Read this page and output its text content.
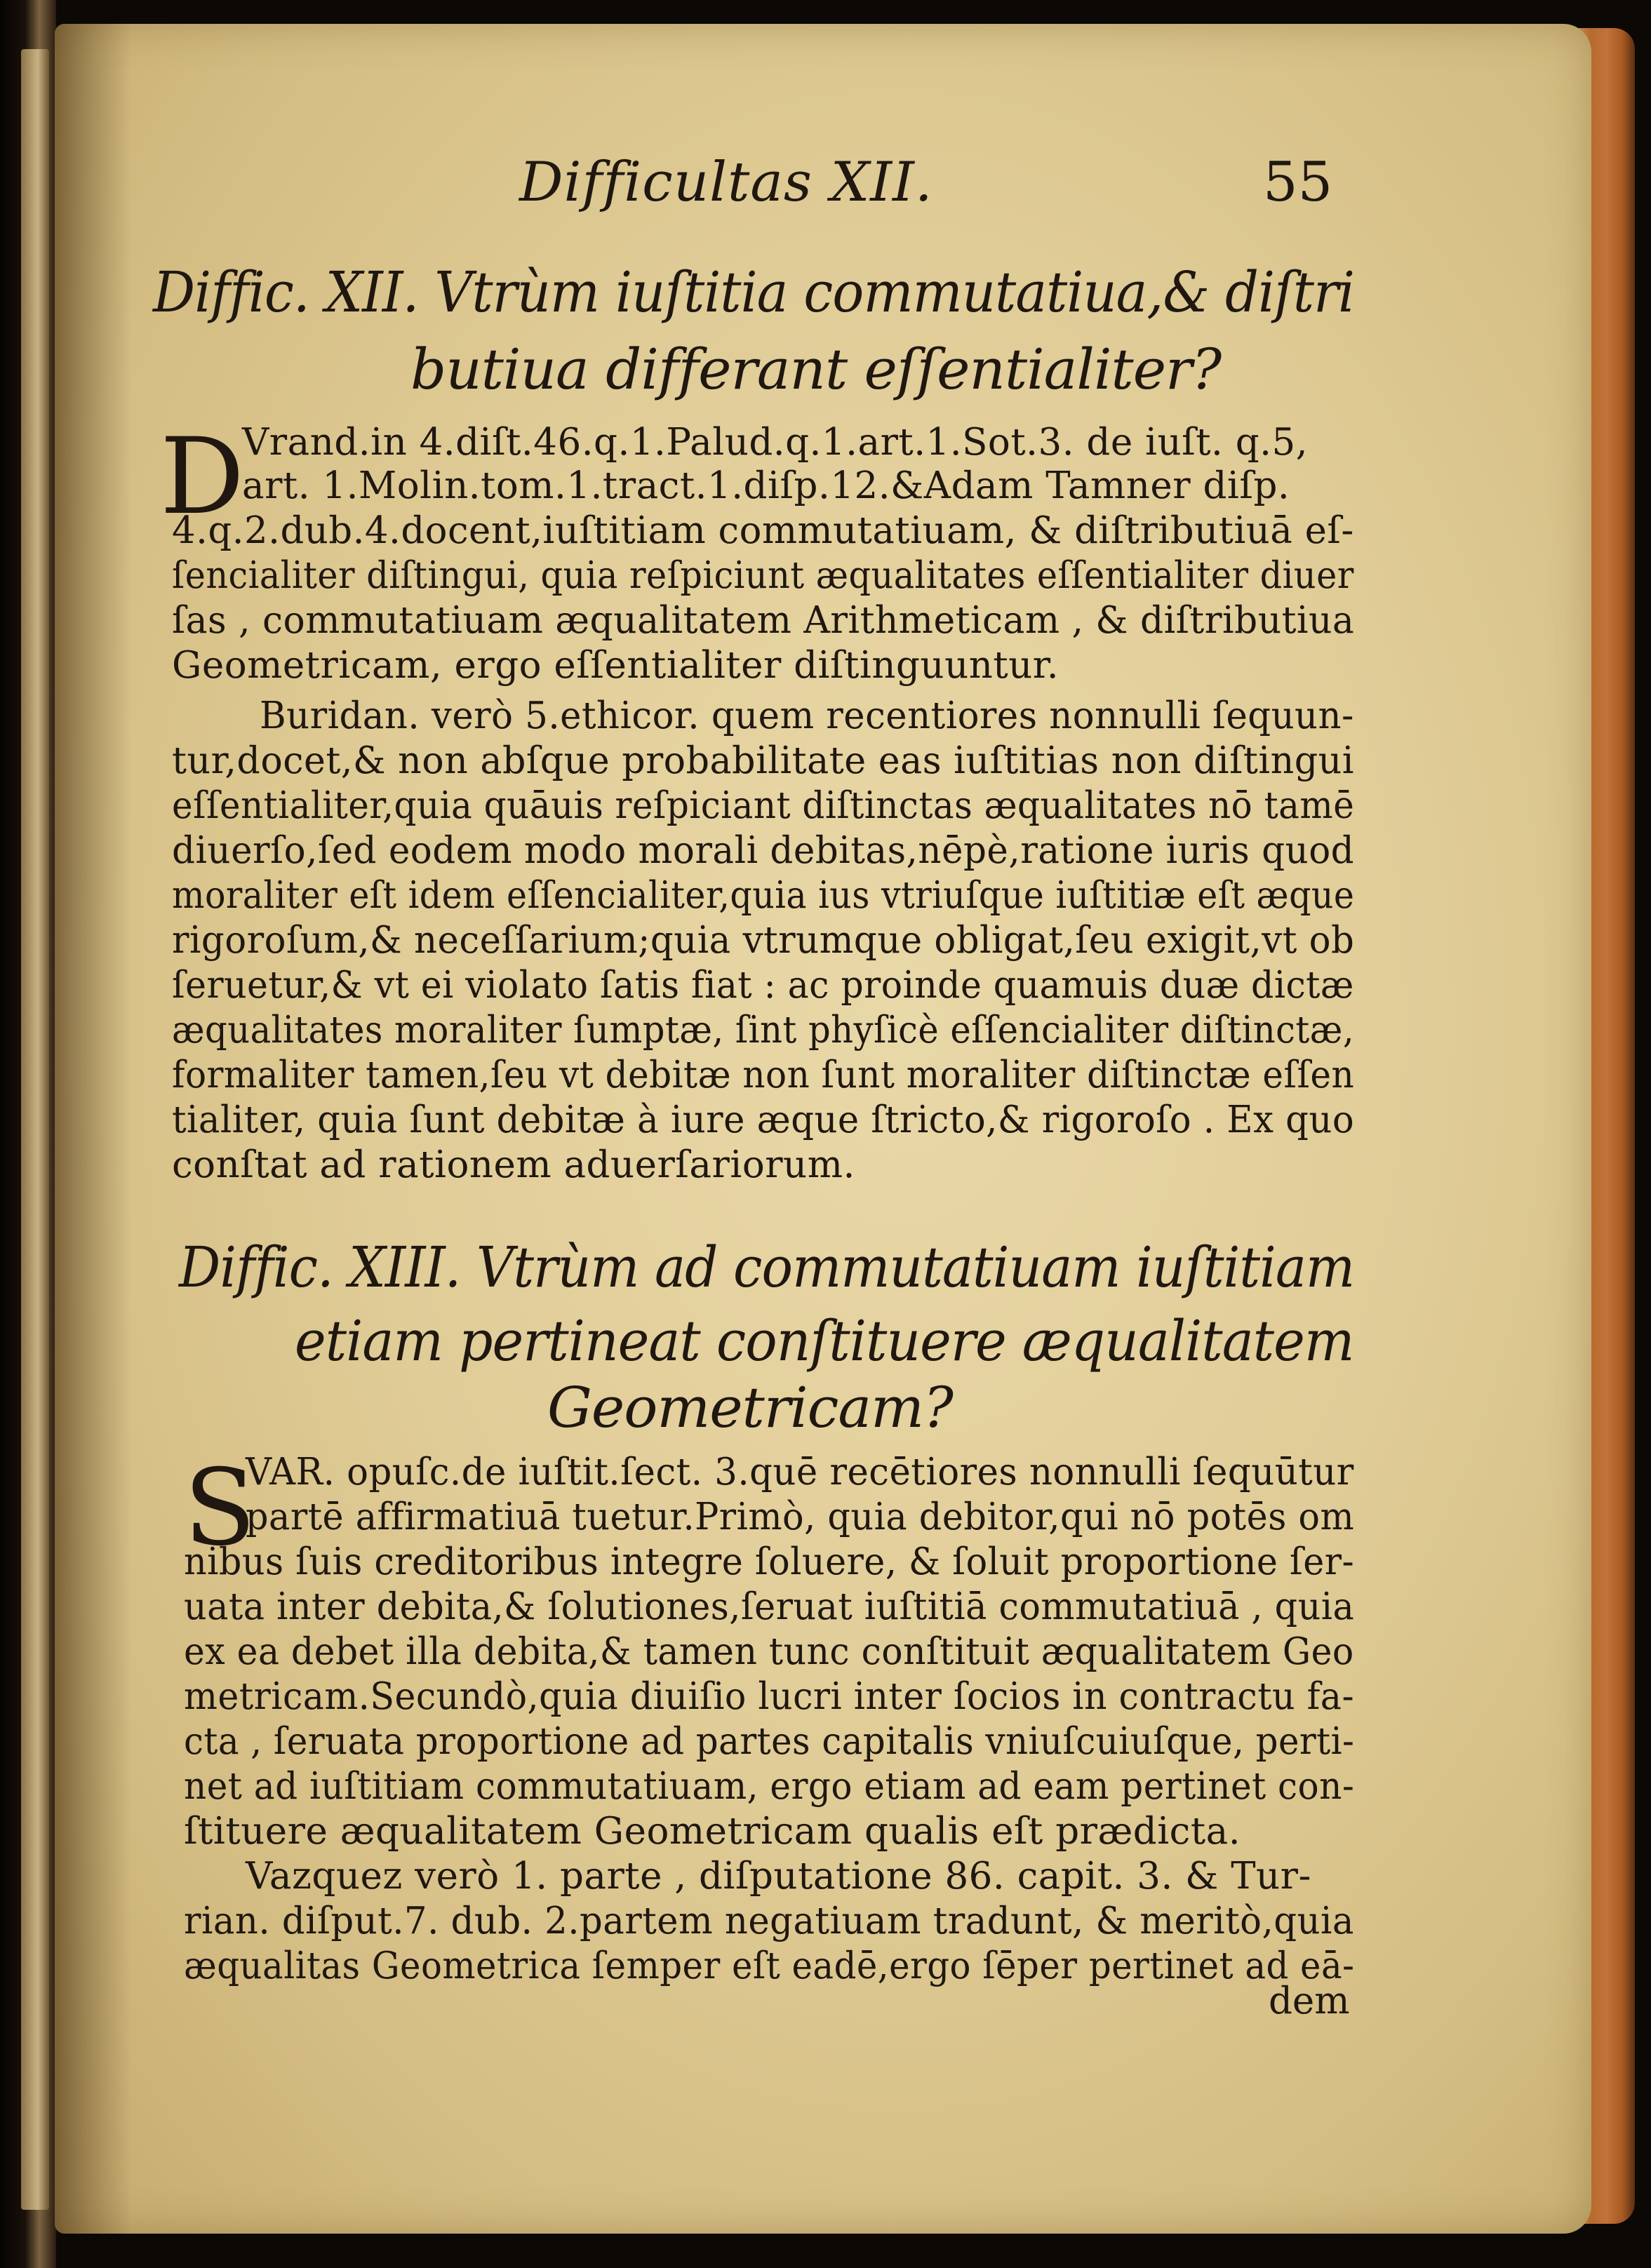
Difficultas XII.	55
Diffic. XII. Vtrùm iuſtitia commutatiua,& diſtri
butiua differant eſſentialiter?
D
Vrand.in 4.diſt.46.q.1.Palud.q.1.art.1.Sot.3. de iuſt. q.5,
art. 1.Molin.tom.1.tract.1.diſp.12.&Adam Tamner diſp.
4.q.2.dub.4.docent,iuſtitiam commutatiuam, & diſtributiuā eſ-
ſencialiter diſtingui, quia reſpiciunt æqualitates eſſentialiter diuer
ſas , commutatiuam æqualitatem Arithmeticam , & diſtributiua
Geometricam, ergo eſſentialiter diſtinguuntur.
Buridan. verò 5.ethicor. quem recentiores nonnulli ſequun-
tur,docet,& non abſque probabilitate eas iuſtitias non diſtingui
eſſentialiter,quia quāuis reſpiciant diſtinctas æqualitates nō tamē
diuerſo,ſed eodem modo morali debitas,nēpè,ratione iuris quod
moraliter eſt idem eſſencialiter,quia ius vtriuſque iuſtitiæ eſt æque
rigoroſum,& neceſſarium;quia vtrumque obligat,ſeu exigit,vt ob
ſeruetur,& vt ei violato ſatis fiat : ac proinde quamuis duæ dictæ
æqualitates moraliter ſumptæ, ſint phyſicè eſſencialiter diſtinctæ,
formaliter tamen,ſeu vt debitæ non ſunt moraliter diſtinctæ eſſen
tialiter, quia ſunt debitæ à iure æque ſtricto,& rigoroſo . Ex quo
conſtat ad rationem aduerſariorum.
Diffic. XIII. Vtrùm ad commutatiuam iuſtitiam
etiam pertineat conſtituere æqualitatem
Geometricam?
S
VAR. opuſc.de iuſtit.ſect. 3.quē recētiores nonnulli ſequūtur
partē affirmatiuā tuetur.Primò, quia debitor,qui nō potēs om
nibus ſuis creditoribus integre ſoluere, & ſoluit proportione ſer-
uata inter debita,& ſolutiones,ſeruat iuſtitiā commutatiuā , quia
ex ea debet illa debita,& tamen tunc conſtituit æqualitatem Geo
metricam.Secundò,quia diuiſio lucri inter ſocios in contractu fa-
cta , ſeruata proportione ad partes capitalis vniuſcuiuſque, perti-
net ad iuſtitiam commutatiuam, ergo etiam ad eam pertinet con-
ſtituere æqualitatem Geometricam qualis eſt prædicta.
Vazquez verò 1. parte , diſputatione 86. capit. 3. & Tur-
rian. diſput.7. dub. 2.partem negatiuam tradunt, & meritò,quia
æqualitas Geometrica ſemper eſt eadē,ergo ſēper pertinet ad eā-
dem
